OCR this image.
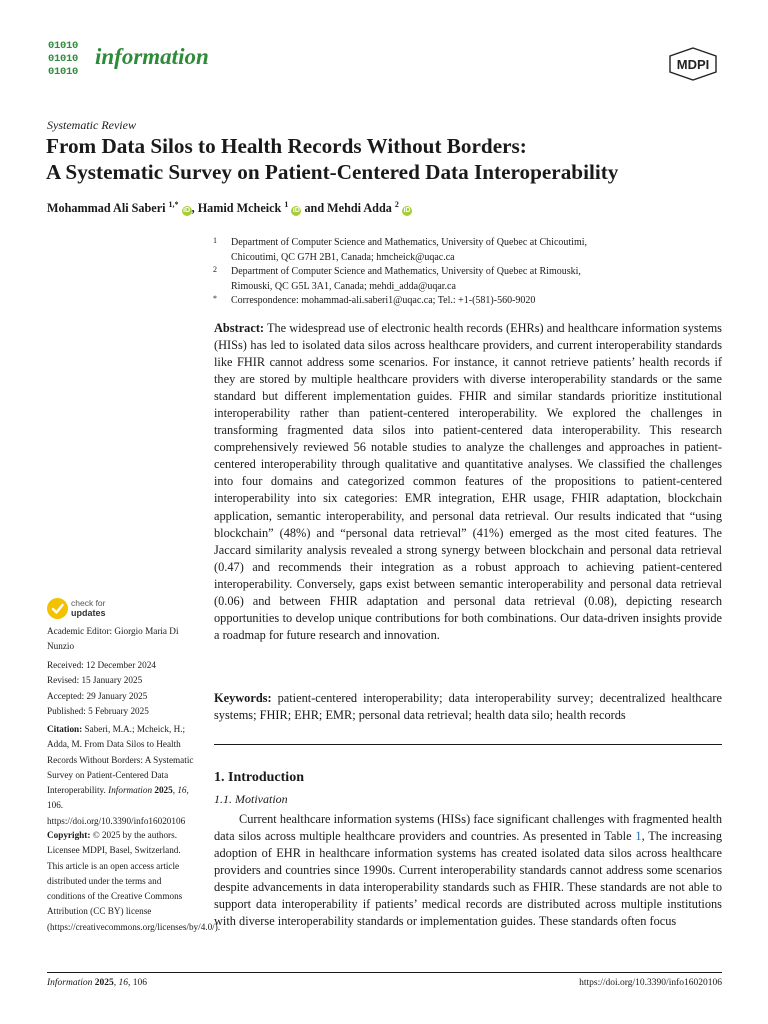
01010
01010
01010
information	MDPI
Systematic Review
From Data Silos to Health Records Without Borders:
A Systematic Survey on Patient-Centered Data Interoperability
Mohammad Ali Saberi $^{1,*}$ iD , Hamid Mcheick $^1$ iD and Mehdi Adda $^2$ iD
1	Department of Computer Science and Mathematics, University of Quebec at Chicoutimi,
Chicoutimi, QC G7H 2B1, Canada; hmcheick@uqac.ca
2	Department of Computer Science and Mathematics, University of Quebec at Rimouski,
Rimouski, QC G5L 3A1, Canada; mehdi_adda@uqar.ca
*	Correspondence: mohammad-ali.saberi1@uqac.ca; Tel.: +1-(581)-560-9020
Abstract: The widespread use of electronic health records (EHRs) and healthcare information systems (HISs) has led to isolated data silos across healthcare providers, and current interoperability standards like FHIR cannot address some scenarios. For instance, it cannot retrieve patients’ health records if they are stored by multiple healthcare providers with diverse interoperability standards or the same standard but different implementation guides. FHIR and similar standards prioritize institutional interoperability rather than patient-centered interoperability. We explored the challenges in transforming fragmented data silos into patient-centered data interoperability. This research comprehensively reviewed 56 notable studies to analyze the challenges and approaches in patient-centered interoperability through qualitative and quantitative analyses. We classified the challenges into four domains and categorized common features of the propositions to patient-centered interoperability into six categories: EMR integration, EHR usage, FHIR adaptation, blockchain application, semantic interoperability, and personal data retrieval. Our results indicated that “using blockchain” (48%) and “personal data retrieval” (41%) emerged as the most cited features. The Jaccard similarity analysis revealed a strong synergy between blockchain and personal data retrieval (0.47) and recommends their integration as a robust approach to achieving patient-centered interoperability. Conversely, gaps exist between semantic interoperability and personal data retrieval (0.06) and between FHIR adaptation and personal data retrieval (0.08), depicting research opportunities to develop unique contributions for both combinations. Our data-driven insights provide a roadmap for future research and innovation.
Keywords: patient-centered interoperability; data interoperability survey; decentralized healthcare systems; FHIR; EHR; EMR; personal data retrieval; health data silo; health records
check for
updates
Academic Editor: Giorgio Maria Di Nunzio
Received: 12 December 2024
Revised: 15 January 2025
Accepted: 29 January 2025
Published: 5 February 2025
Citation: Saberi, M.A.; Mcheick, H.; Adda, M. From Data Silos to Health Records Without Borders: A Systematic Survey on Patient-Centered Data Interoperability. Information 2025, 16, 106. https://doi.org/10.3390/info16020106
Copyright: © 2025 by the authors. Licensee MDPI, Basel, Switzerland. This article is an open access article distributed under the terms and conditions of the Creative Commons Attribution (CC BY) license (https://creativecommons.org/licenses/by/4.0/).
1. Introduction
1.1. Motivation
Current healthcare information systems (HISs) face significant challenges with fragmented health data silos across multiple healthcare providers and countries. As presented in Table 1, The increasing adoption of EHR in healthcare information systems has created isolated data silos across healthcare providers and countries since 1990s. Current interoperability standards cannot address some scenarios despite advancements in data interoperability standards such as FHIR. These standards are not able to support data interoperability if patients’ medical records are distributed across multiple institutions with diverse interoperability standards or implementation guides. These standards often focus
Information 2025, 16, 106	https://doi.org/10.3390/info16020106
